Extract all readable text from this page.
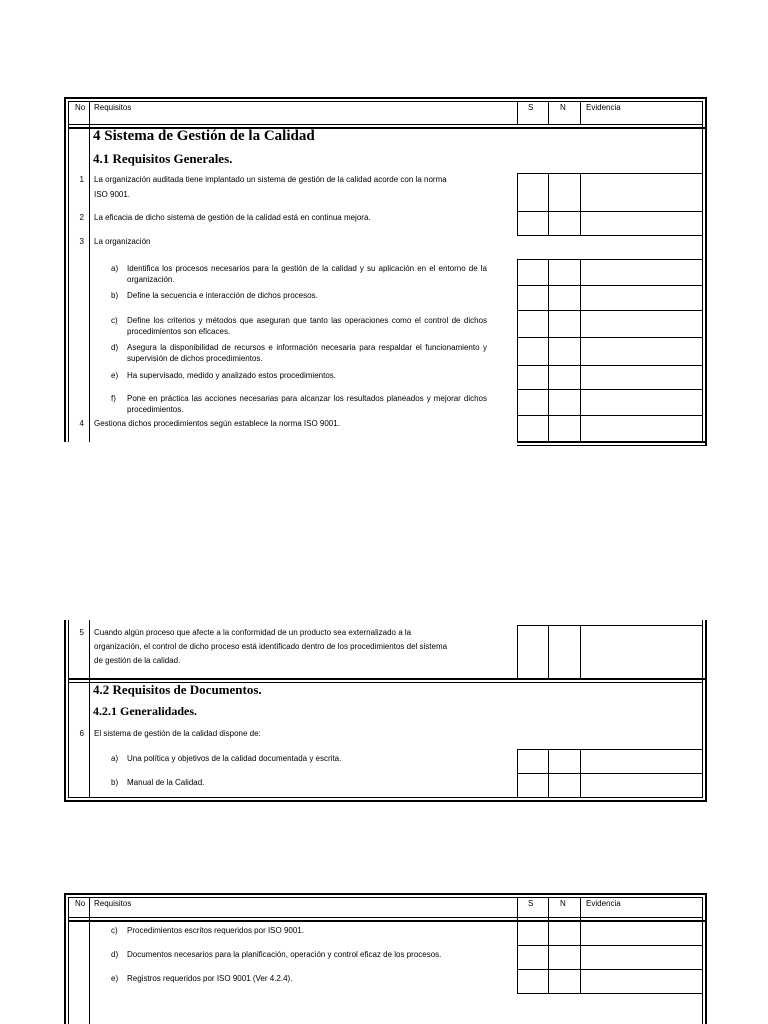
No Requisitos	S	N	Evidencia
4 Sistema de Gestión de la Calidad
4.1 Requisitos Generales.
1 La organización auditada tiene implantado un sistema de gestión de la calidad acorde con la norma
ISO 9001.
2 La eficacia de dicho sistema de gestión de la calidad está en continua mejora.
3 La organización
a) Identifica los procesos necesarios para la gestión de la calidad y su aplicación en el entorno de la organización.
b) Define la secuencia e interacción de dichos procesos.
c) Define los criterios y métodos que aseguran que tanto las operaciones como el control de dichos procedimientos son eficaces.
d) Asegura la disponibilidad de recursos e información necesaria para respaldar el funcionamiento y supervisión de dichos procedimientos.
e) Ha supervisado, medido y analizado estos procedimientos.
f) Pone en práctica las acciones necesarias para alcanzar los resultados planeados y mejorar dichos procedimientos.
4 Gestiona dichos procedimientos según establece la norma ISO 9001.
5 Cuando algún proceso que afecte a la conformidad de un producto sea externalizado a la
organización, el control de dicho proceso está identificado dentro de los procedimientos del sistema
de gestión de la calidad.
4.2 Requisitos de Documentos.
4.2.1 Generalidades.
6 El sistema de gestión de la calidad dispone de:
a) Una política y objetivos de la calidad documentada y escrita.
b) Manual de la Calidad.
No Requisitos	S	N	Evidencia
c) Procedimientos escritos requeridos por ISO 9001.
d) Documentos necesarios para la planificación, operación y control eficaz de los procesos.
e) Registros requeridos por ISO 9001 (Ver 4.2.4).
